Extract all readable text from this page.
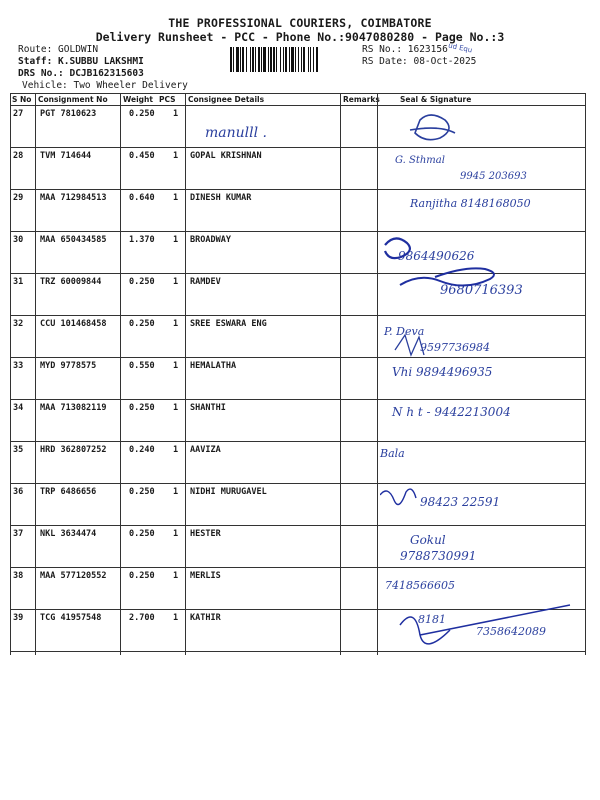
THE PROFESSIONAL COURIERS, COIMBATORE
Delivery Runsheet - PCC - Phone No.:9047080280 - Page No.:3
Route: GOLDWIN
Staff: K.SUBBU LAKSHMI
DRS No.: DCJB162315603
Vehicle: Two Wheeler Delivery
RS No.: 1623156
RS Date: 08-Oct-2025
ud Equ
S No Consignment No Weight PCS Consignee Details	Remarks	Seal & Signature
27 PGT 7810623	0.250 1
manulll .
28 TVM 714644	0.450 1 GOPAL KRISHNAN	G. Sthmal
9945 203693
29 MAA 712984513	0.640 1 DINESH KUMAR	Ranjitha 8148168050
30 MAA 650434585	1.370 1 BROADWAY
9864490626
31 TRZ 60009844	0.250 1 RAMDEV
9680716393
32 CCU 101468458	0.250 1 SREE ESWARA ENG
P. Deva
9597736984
33 MYD 9778575	0.550 1 HEMALATHA	Vhi 9894496935
34 MAA 713082119	0.250 1 SHANTHI	N h t - 9442213004
35 HRD 362807252	0.240 1 AAVIZA	Bala
36 TRP 6486656	0.250 1 NIDHI MURUGAVEL
98423 22591
37 NKL 3634474	0.250 1 HESTER	Gokul
9788730991
38 MAA 577120552	0.250 1 MERLIS
7418566605
39 TCG 41957548	2.700 1 KATHIR	8181
7358642089
